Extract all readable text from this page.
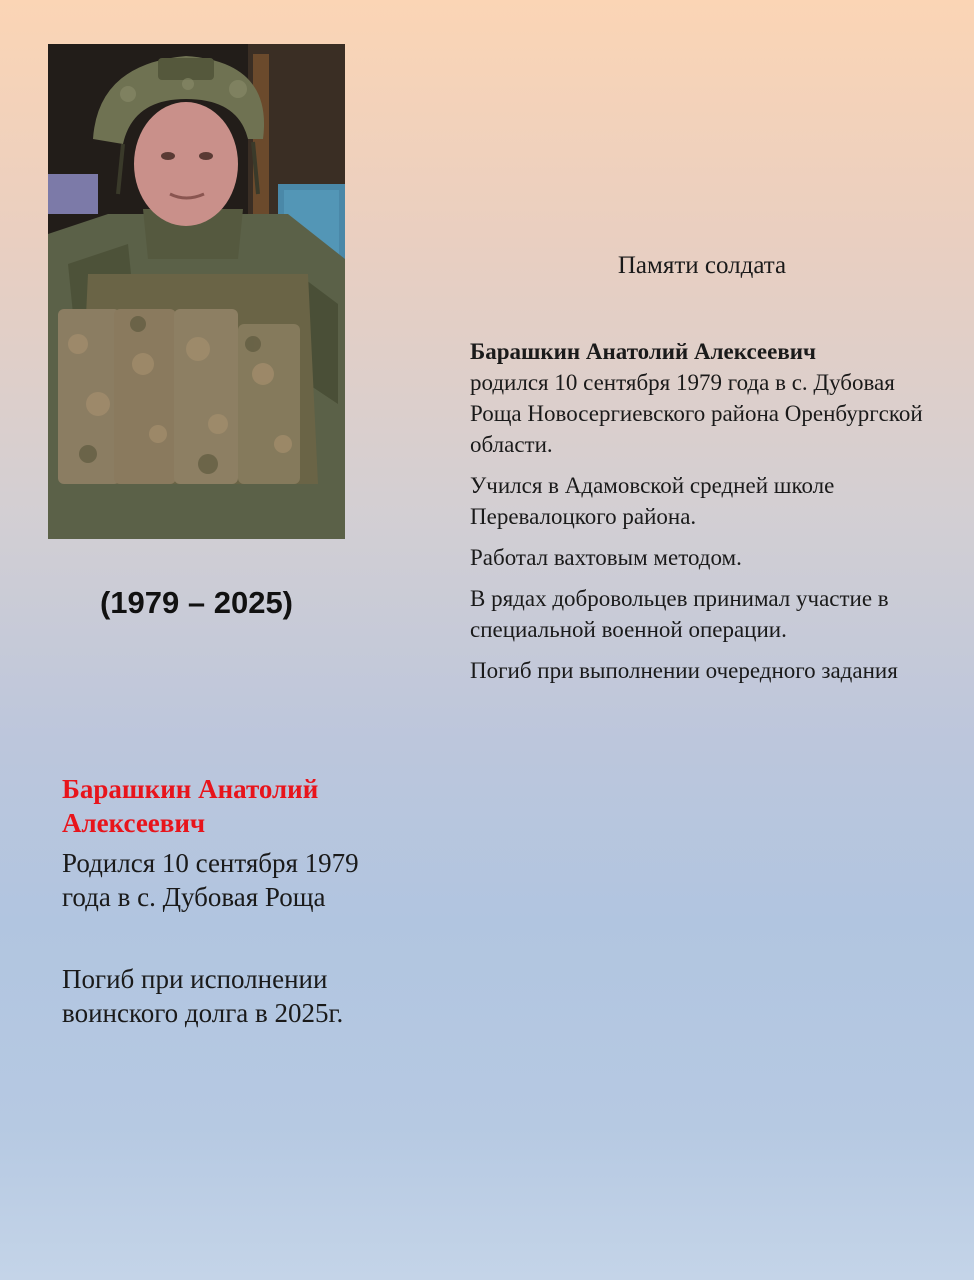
(1979 – 2025)

Барашкин Анатолий Алексеевич

Родился 10 сентября 1979 года в с. Дубовая Роща

Погиб при исполнении воинского долга в 2025г.

Памяти солдата

Барашкин Анатолий Алексеевич
родился 10 сентября 1979 года в с. Дубовая Роща Новосергиевского района Оренбургской области.

Учился в Адамовской средней школе Перевалоцкого района.

Работал вахтовым методом.

В рядах добровольцев принимал участие в специальной военной операции.

Погиб при выполнении очередного задания
